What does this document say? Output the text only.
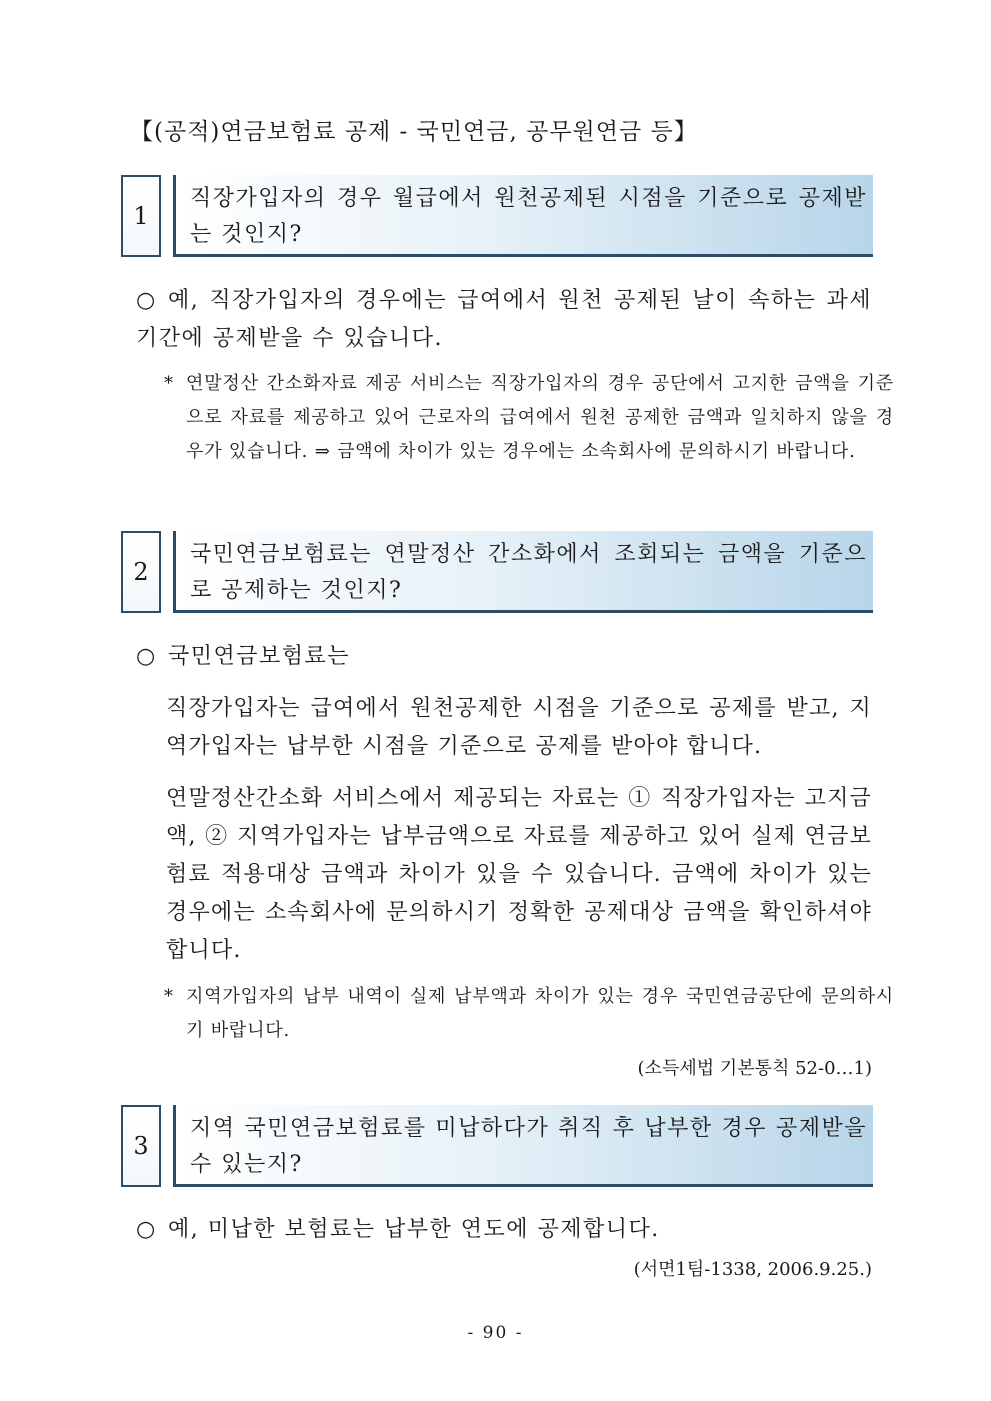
【(공적)연금보험료 공제 - 국민연금, 공무원연금 등】
1
직장가입자의 경우 월급에서 원천공제된 시점을 기준으로 공제받는 것인지?
○ 예, 직장가입자의 경우에는 급여에서 원천 공제된 날이 속하는 과세기간에 공제받을 수 있습니다.
* 연말정산 간소화자료 제공 서비스는 직장가입자의 경우 공단에서 고지한 금액을 기준으로 자료를 제공하고 있어 근로자의 급여에서 원천 공제한 금액과 일치하지 않을 경우가 있습니다. ⇒ 금액에 차이가 있는 경우에는 소속회사에 문의하시기 바랍니다.
2
국민연금보험료는 연말정산 간소화에서 조회되는 금액을 기준으로 공제하는 것인지?
○ 국민연금보험료는
직장가입자는 급여에서 원천공제한 시점을 기준으로 공제를 받고, 지역가입자는 납부한 시점을 기준으로 공제를 받아야 합니다.
연말정산간소화 서비스에서 제공되는 자료는 ① 직장가입자는 고지금액, ② 지역가입자는 납부금액으로 자료를 제공하고 있어 실제 연금보험료 적용대상 금액과 차이가 있을 수 있습니다. 금액에 차이가 있는 경우에는 소속회사에 문의하시기 정확한 공제대상 금액을 확인하셔야 합니다.
* 지역가입자의 납부 내역이 실제 납부액과 차이가 있는 경우 국민연금공단에 문의하시기 바랍니다.
(소득세법 기본통칙 52-0…1)
3
지역 국민연금보험료를 미납하다가 취직 후 납부한 경우 공제받을 수 있는지?
○ 예, 미납한 보험료는 납부한 연도에 공제합니다.
(서면1팀-1338, 2006.9.25.)
- 90 -
